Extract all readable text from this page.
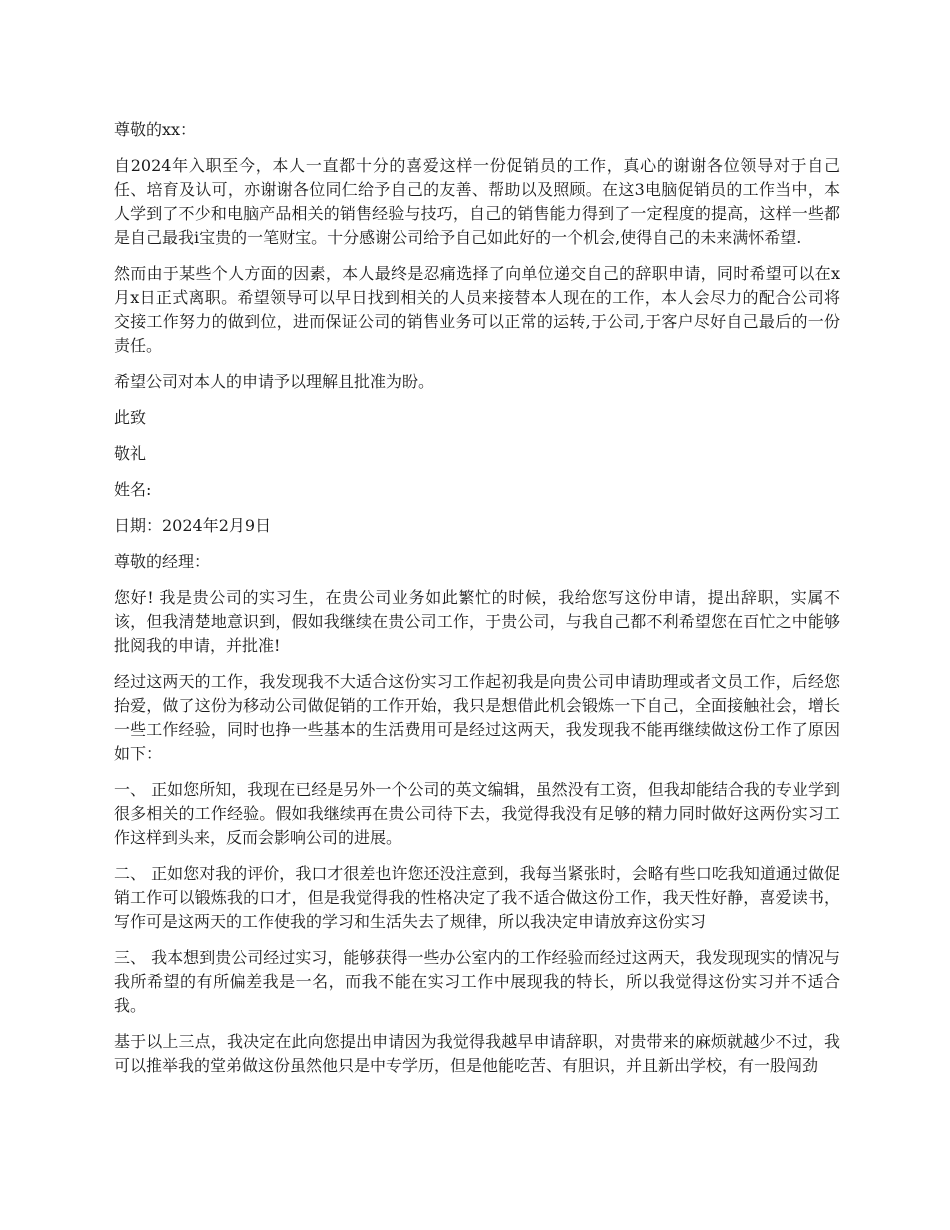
尊敬的xx：

自2024年入职至今，本人一直都十分的喜爱这样一份促销员的工作，真心的谢谢各位领导对于自己任、培育及认可，亦谢谢各位同仁给予自己的友善、帮助以及照顾。在这3电脑促销员的工作当中，本人学到了不少和电脑产品相关的销售经验与技巧，自己的销售能力得到了一定程度的提高，这样一些都是自己最我i宝贵的一笔财宝。十分感谢公司给予自己如此好的一个机会,使得自己的未来满怀希望.

然而由于某些个人方面的因素，本人最终是忍痛选择了向单位递交自己的辞职申请，同时希望可以在x月x日正式离职。希望领导可以早日找到相关的人员来接替本人现在的工作，本人会尽力的配合公司将交接工作努力的做到位，进而保证公司的销售业务可以正常的运转,于公司,于客户尽好自己最后的一份责任。

希望公司对本人的申请予以理解且批准为盼。

此致

敬礼

姓名:

日期：2024年2月9日

尊敬的经理：

您好! 我是贵公司的实习生，在贵公司业务如此繁忙的时候，我给您写这份申请，提出辞职，实属不该，但我清楚地意识到，假如我继续在贵公司工作，于贵公司，与我自己都不利希望您在百忙之中能够批阅我的申请，并批准!

经过这两天的工作，我发现我不大适合这份实习工作起初我是向贵公司申请助理或者文员工作，后经您抬爱，做了这份为移动公司做促销的工作开始，我只是想借此机会锻炼一下自己，全面接触社会，增长一些工作经验，同时也挣一些基本的生活费用可是经过这两天，我发现我不能再继续做这份工作了原因如下：

一、 正如您所知，我现在已经是另外一个公司的英文编辑，虽然没有工资，但我却能结合我的专业学到很多相关的工作经验。假如我继续再在贵公司待下去，我觉得我没有足够的精力同时做好这两份实习工作这样到头来，反而会影响公司的进展。

二、 正如您对我的评价，我口才很差也许您还没注意到，我每当紧张时，会略有些口吃我知道通过做促销工作可以锻炼我的口才，但是我觉得我的性格决定了我不适合做这份工作，我天性好静，喜爱读书，写作可是这两天的工作使我的学习和生活失去了规律，所以我决定申请放弃这份实习

三、 我本想到贵公司经过实习，能够获得一些办公室内的工作经验而经过这两天，我发现现实的情况与我所希望的有所偏差我是一名，而我不能在实习工作中展现我的特长，所以我觉得这份实习并不适合我。

基于以上三点，我决定在此向您提出申请因为我觉得我越早申请辞职，对贵带来的麻烦就越少不过，我可以推举我的堂弟做这份虽然他只是中专学历，但是他能吃苦、有胆识，并且新出学校，有一股闯劲
